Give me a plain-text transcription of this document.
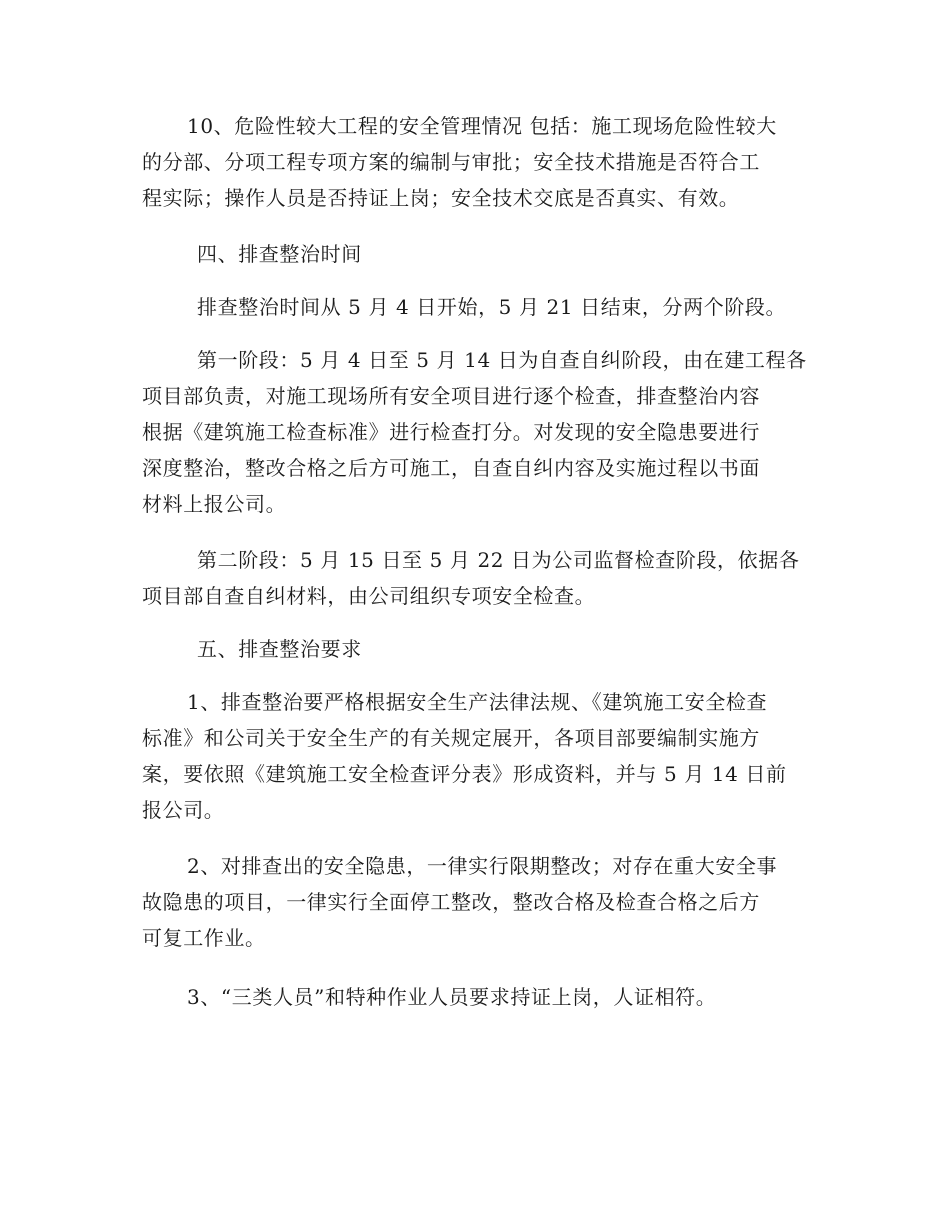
10、危险性较大工程的安全管理情况 包括：施工现场危险性较大
的分部、分项工程专项方案的编制与审批；安全技术措施是否符合工
程实际；操作人员是否持证上岗；安全技术交底是否真实、有效。
四、排查整治时间
排查整治时间从 5 月 4 日开始，5 月 21 日结束，分两个阶段。
第一阶段：5 月 4 日至 5 月 14 日为自查自纠阶段，由在建工程各
项目部负责，对施工现场所有安全项目进行逐个检查，排查整治内容
根据《建筑施工检查标准》进行检查打分。对发现的安全隐患要进行
深度整治，整改合格之后方可施工，自查自纠内容及实施过程以书面
材料上报公司。
第二阶段：5 月 15 日至 5 月 22 日为公司监督检查阶段，依据各
项目部自查自纠材料，由公司组织专项安全检查。
五、排查整治要求
1、排查整治要严格根据安全生产法律法规、《建筑施工安全检查
标准》和公司关于安全生产的有关规定展开，各项目部要编制实施方
案，要依照《建筑施工安全检查评分表》形成资料，并与 5 月 14 日前
报公司。
2、对排查出的安全隐患，一律实行限期整改；对存在重大安全事
故隐患的项目，一律实行全面停工整改，整改合格及检查合格之后方
可复工作业。
3、“三类人员”和特种作业人员要求持证上岗，人证相符。
